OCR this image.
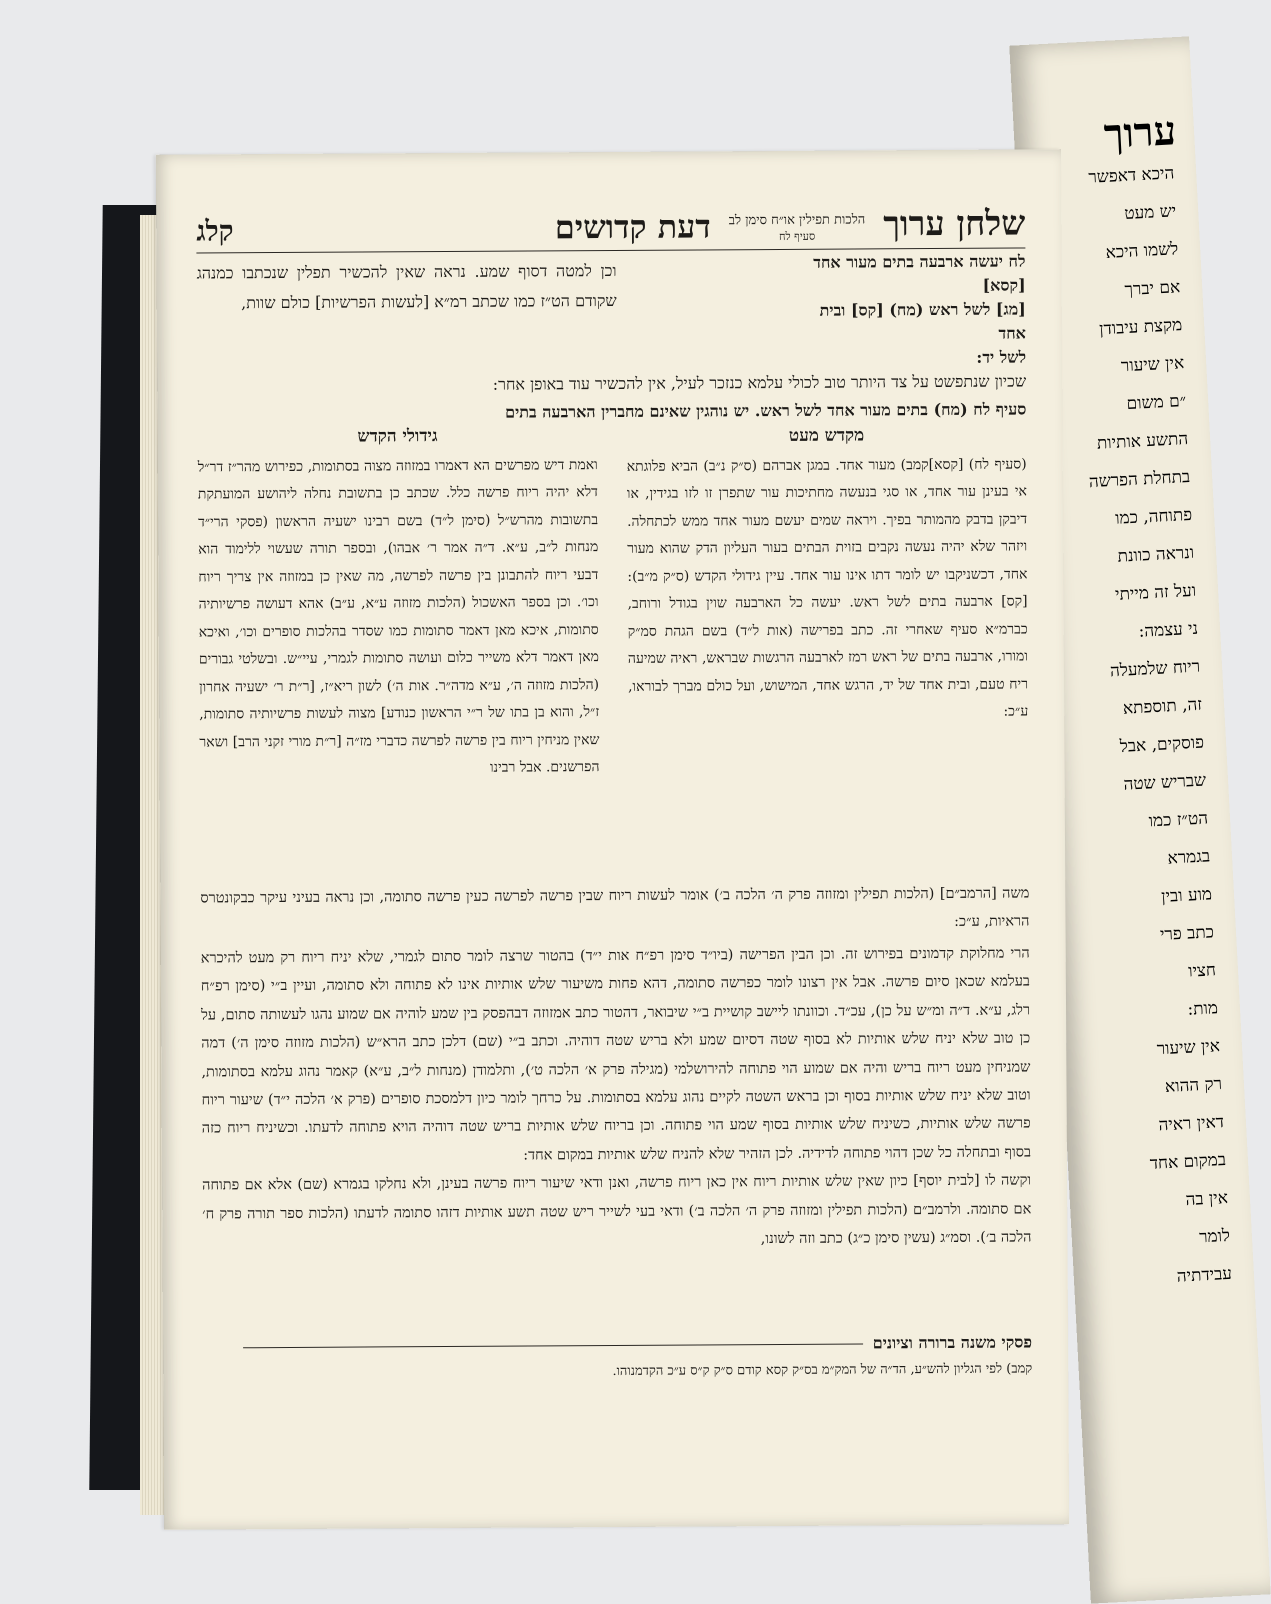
ערוך
היכא דאפשר
יש מעט
לשמו היכא
אם יברך
מקצת עיבודן
אין שיעור
״ם משום
התשע אותיות
בתחלת הפרשה
פתוחה, כמו
ונראה כוונת
ועל זה מייתי
ני עצמה:
ריוח שלמעלה
זה, תוספתא
פוסקים, אבל
שבריש שטה
הט״ז כמו
בגמרא
מוע ובין
כתב פרי
חציו
מות:
אין שיעור
רק ההוא
דאין ראיה
במקום אחד
אין בה
לומר
עבידתיה
שלחן ערוך
הלכות תפילין או״ח סימן לב
סעיף לח
דעת קדושים
קלג
לח יעשה ארבעה בתים מעור אחד [קסא]
[מג] לשל ראש (מח) [קס] ובית אחד
לשל יד:
וכן למטה דסוף שמע. נראה שאין להכשיר תפלין שנכתבו כמנהג שקודם הט״ז כמו שכתב רמ״א [לעשות הפרשיות] כולם שוות,
שכיון שנתפשט על צד היותר טוב לכולי עלמא כנזכר לעיל, אין להכשיר עוד באופן אחר:
סעיף לח (מח) בתים מעור אחד לשל ראש. יש נוהגין שאינם מחברין הארבעה בתים
מקדש מעט

(סעיף לח) [קסא]קמב) מעור אחד. במגן אברהם (ס״ק נ״ב) הביא פלוגתא אי בעינן עור אחד, או סגי בנעשה מחתיכות עור שתפרן זו לזו בגידין, או דיבקן בדבק מהמותר בפיך. ויראה שמים יעשם מעור אחד ממש לכתחלה. ויזהר שלא יהיה נעשה נקבים בזוית הבתים בעור העליון הדק שהוא מעור אחד, דכשניקבו יש לומר דתו אינו עור אחד. עיין גידולי הקדש (ס״ק מ״ב): [קס] ארבעה בתים לשל ראש. יעשה כל הארבעה שוין בגודל ורוחב, כברמ״א סעיף שאחרי זה. כתב בפרישה (אות ל״ד) בשם הגהת סמ״ק ומורו, ארבעה בתים של ראש רמז לארבעה הרגשות שבראש, ראיה שמיעה ריח טעם, ובית אחד של יד, הרגש אחד, המישוש, ועל כולם מברך לבוראו, ע״כ:

גידולי הקדש

ואמת דיש מפרשים הא דאמרו במזוזה מצוה בסתומות, כפירוש מהר״ז דר״ל דלא יהיה ריוח פרשה כלל. שכתב כן בתשובת נחלה ליהושע המועתקת בתשובות מהרש״ל (סימן ל״ד) בשם רבינו ישעיה הראשון (פסקי הרי״ד מנחות ל״ב, ע״א. ד״ה אמר ר׳ אבהו), ובספר תורה שעשוי ללימוד הוא דבעי ריוח להתבונן בין פרשה לפרשה, מה שאין כן במזוזה אין צריך ריוח וכו׳. וכן בספר האשכול (הלכות מזוזה ע״א, ע״ב) אהא דעושה פרשיותיה סתומות, איכא מאן דאמר סתומות כמו שסדר בהלכות סופרים וכו׳, ואיכא מאן דאמר דלא משייר כלום ועושה סתומות לגמרי, עיי״ש. ובשלטי גבורים (הלכות מזוזה ה׳, ע״א מדה״ר. אות ה׳) לשון ריא״ז, [ר״ת ר׳ ישעיה אחרון ז״ל, והוא בן בתו של ר״י הראשון כנודע] מצוה לעשות פרשיותיה סתומות, שאין מניחין ריוח בין פרשה לפרשה כדברי מז״ה [ר״ת מורי זקני הרב] ושאר הפרשנים. אבל רבינו

משה [הרמב״ם] (הלכות תפילין ומזוזה פרק ה׳ הלכה ב׳) אומר לעשות ריוח שבין פרשה לפרשה כעין פרשה סתומה, וכן נראה בעיני עיקר כבקונטרס הראיות, ע״כ:

הרי מחלוקת קדמונים בפירוש זה. וכן הבין הפרישה (ביו״ד סימן רפ״ח אות י״ד) בהטור שרצה לומר סתום לגמרי, שלא יניח ריוח רק מעט להיכרא בעלמא שכאן סיום פרשה. אבל אין רצונו לומר כפרשה סתומה, דהא פחות משיעור שלש אותיות אינו לא פתוחה ולא סתומה, ועיין ב״י (סימן רפ״ח רלג, ע״א. ד״ה ומ״ש על כן), עכ״ד. וכוונתו ליישב קושיית ב״י שיבואר, דהטור כתב אמזוזה דבהפסק בין שמע לוהיה אם שמוע נהגו לעשותה סתום, על כן טוב שלא יניח שלש אותיות לא בסוף שטה דסיום שמע ולא בריש שטה דוהיה. וכתב ב״י (שם) דלכן כתב הרא״ש (הלכות מזוזה סימן ה׳) דמה שמניחין מעט ריוח בריש והיה אם שמוע הוי פתוחה להירושלמי (מגילה פרק א׳ הלכה ט׳), ותלמודן (מנחות ל״ב, ע״א) קאמר נהוג עלמא בסתומות, וטוב שלא יניח שלש אותיות בסוף וכן בראש השטה לקיים נהוג עלמא בסתומות. על כרחך לומר כיון דלמסכת סופרים (פרק א׳ הלכה י״ד) שיעור ריוח פרשה שלש אותיות, כשיניח שלש אותיות בסוף שמע הוי פתוחה. וכן בריוח שלש אותיות בריש שטה דוהיה הויא פתוחה לדעתו. וכשיניח ריוח כזה בסוף ובתחלה כל שכן דהוי פתוחה לדידיה. לכן הזהיר שלא להניח שלש אותיות במקום אחד:

וקשה לו [לבית יוסף] כיון שאין שלש אותיות ריוח אין כאן ריוח פרשה, ואנן ודאי שיעור ריוח פרשה בעינן, ולא נחלקו בגמרא (שם) אלא אם פתוחה אם סתומה. ולרמב״ם (הלכות תפילין ומזוזה פרק ה׳ הלכה ב׳) ודאי בעי לשייר ריש שטה תשע אותיות דזהו סתומה לדעתו (הלכות ספר תורה פרק ח׳ הלכה ב׳). וסמ״ג (עשין סימן כ״ג) כתב וזה לשונו,

פסקי משנה ברורה וציונים
קמב) לפי הגליון להש״ע, הד״ה של המק״מ בס״ק קסא קודם ס״ק ק״ס ע״כ הקדמנוהו.
